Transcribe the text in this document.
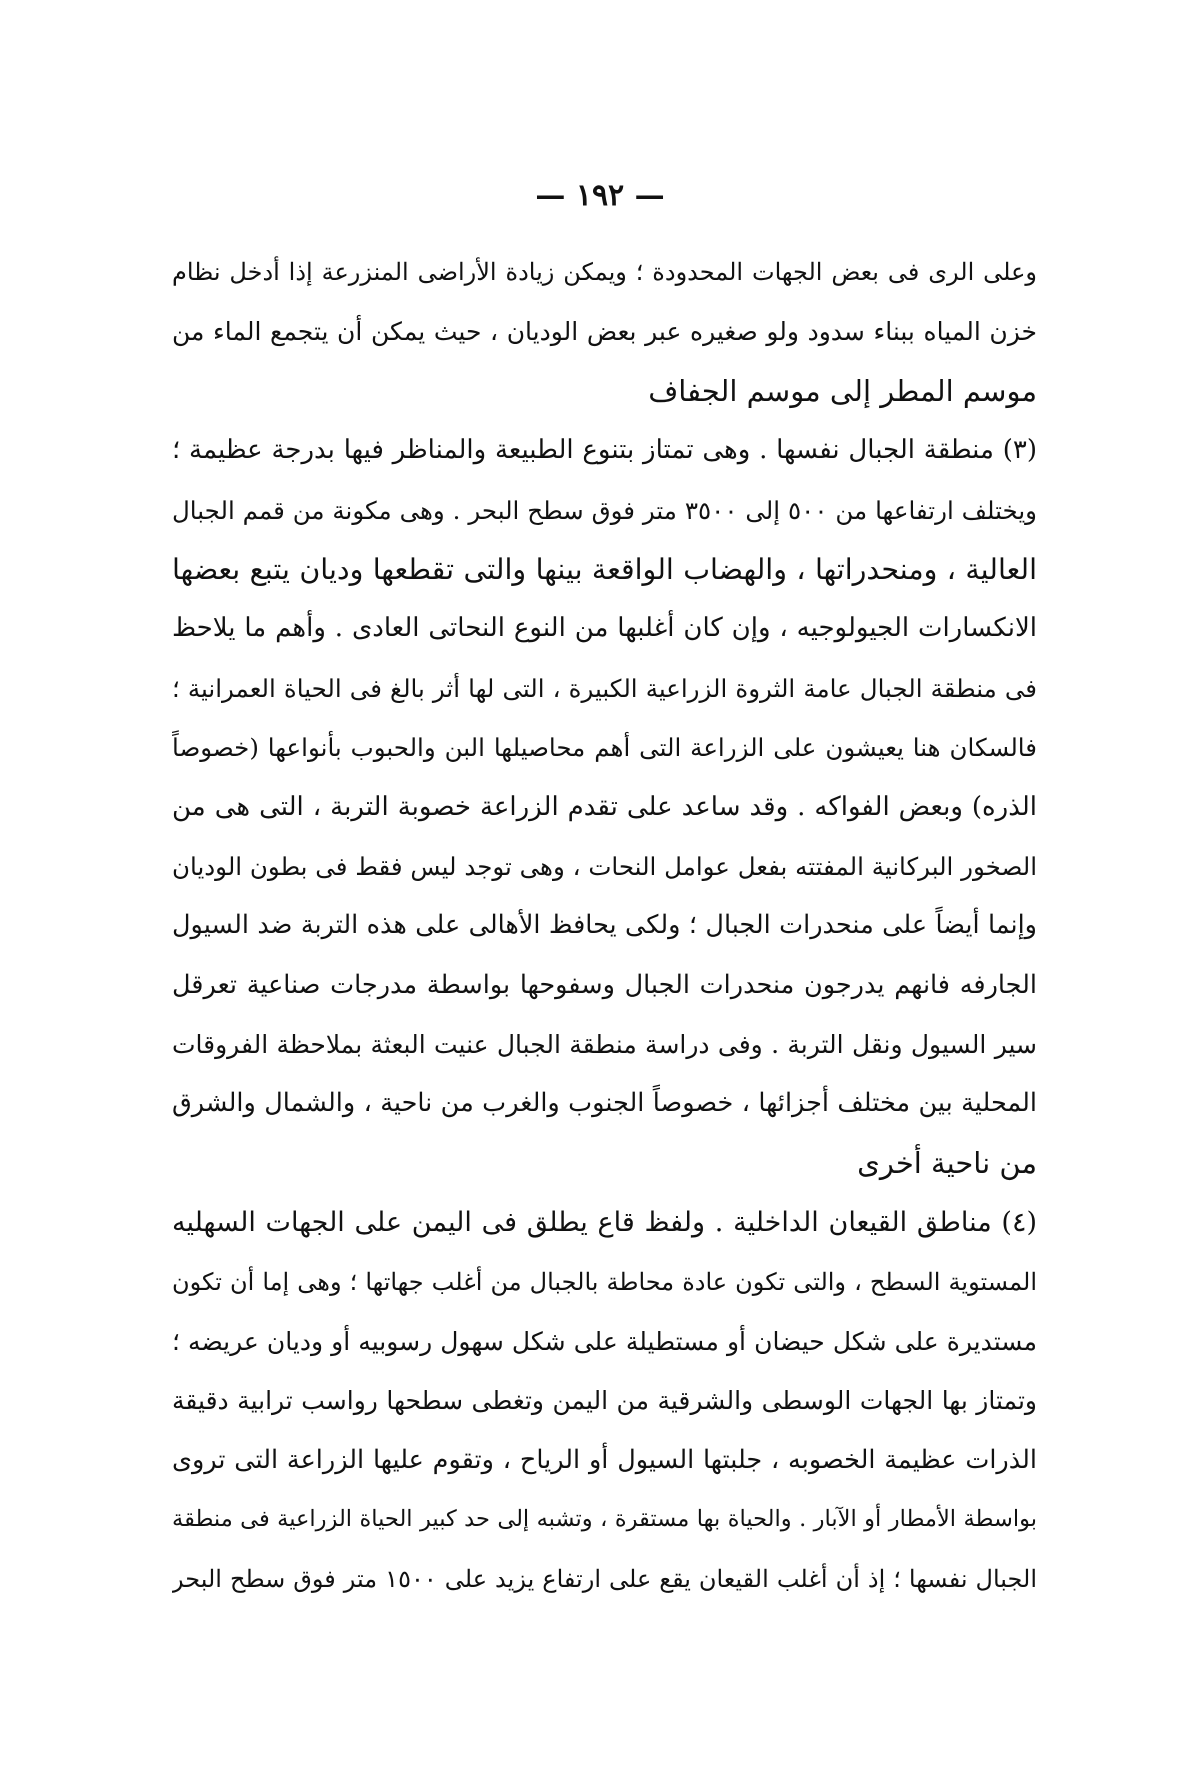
— ١٩٢ —
وعلى الرى فى بعض الجهات المحدودة ؛ ويمكن زيادة الأراضى المنزرعة إذا أدخل نظام
خزن المياه ببناء سدود ولو صغيره عبر بعض الوديان ، حيث يمكن أن يتجمع الماء من
موسم المطر إلى موسم الجفاف
(٣) منطقة الجبال نفسها . وهى تمتاز بتنوع الطبيعة والمناظر فيها بدرجة عظيمة ؛
ويختلف ارتفاعها من ٥٠٠ إلى ٣٥٠٠ متر فوق سطح البحر . وهى مكونة من قمم الجبال
العالية ، ومنحدراتها ، والهضاب الواقعة بينها والتى تقطعها وديان يتبع بعضها
الانكسارات الجيولوجيه ، وإن كان أغلبها من النوع النحاتى العادى . وأهم ما يلاحظ
فى منطقة الجبال عامة الثروة الزراعية الكبيرة ، التى لها أثر بالغ فى الحياة العمرانية ؛
فالسكان هنا يعيشون على الزراعة التى أهم محاصيلها البن والحبوب بأنواعها (خصوصاً
الذره) وبعض الفواكه . وقد ساعد على تقدم الزراعة خصوبة التربة ، التى هى من
الصخور البركانية المفتته بفعل عوامل النحات ، وهى توجد ليس فقط فى بطون الوديان
وإنما أيضاً على منحدرات الجبال ؛ ولكى يحافظ الأهالى على هذه التربة ضد السيول
الجارفه فانهم يدرجون منحدرات الجبال وسفوحها بواسطة مدرجات صناعية تعرقل
سير السيول ونقل التربة . وفى دراسة منطقة الجبال عنيت البعثة بملاحظة الفروقات
المحلية بين مختلف أجزائها ، خصوصاً الجنوب والغرب من ناحية ، والشمال والشرق
من ناحية أخرى
(٤) مناطق القيعان الداخلية . ولفظ قاع يطلق فى اليمن على الجهات السهليه
المستوية السطح ، والتى تكون عادة محاطة بالجبال من أغلب جهاتها ؛ وهى إما أن تكون
مستديرة على شكل حيضان أو مستطيلة على شكل سهول رسوبيه أو وديان عريضه ؛
وتمتاز بها الجهات الوسطى والشرقية من اليمن وتغطى سطحها رواسب ترابية دقيقة
الذرات عظيمة الخصوبه ، جلبتها السيول أو الرياح ، وتقوم عليها الزراعة التى تروى
بواسطة الأمطار أو الآبار . والحياة بها مستقرة ، وتشبه إلى حد كبير الحياة الزراعية فى منطقة
الجبال نفسها ؛ إذ أن أغلب القيعان يقع على ارتفاع يزيد على ١٥٠٠ متر فوق سطح البحر
